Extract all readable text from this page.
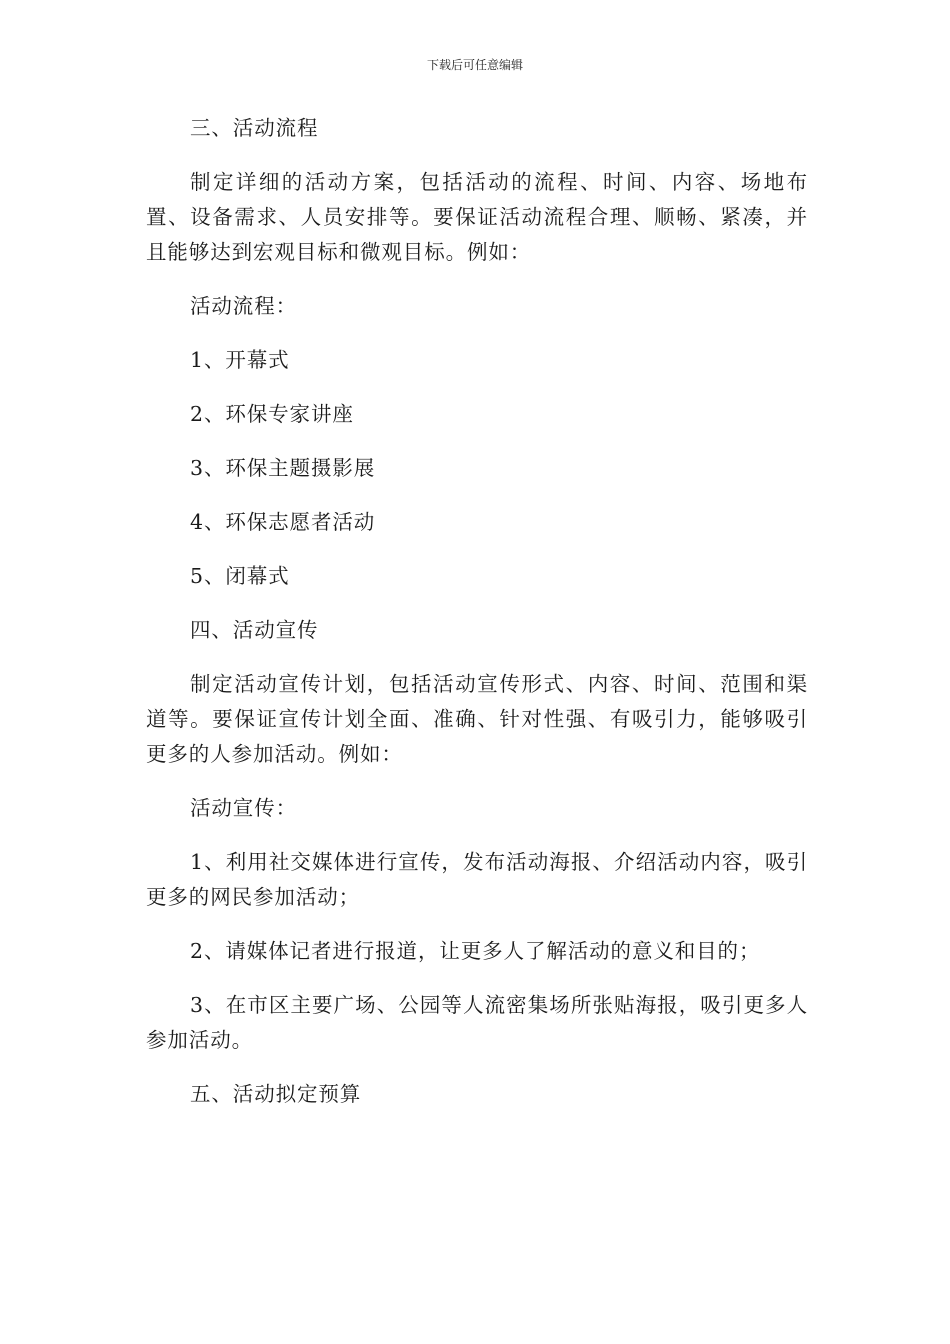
下载后可任意编辑

三、活动流程

制定详细的活动方案，包括活动的流程、时间、内容、场地布置、设备需求、人员安排等。要保证活动流程合理、顺畅、紧凑，并且能够达到宏观目标和微观目标。例如：

活动流程：

1、开幕式

2、环保专家讲座

3、环保主题摄影展

4、环保志愿者活动

5、闭幕式

四、活动宣传

制定活动宣传计划，包括活动宣传形式、内容、时间、范围和渠道等。要保证宣传计划全面、准确、针对性强、有吸引力，能够吸引更多的人参加活动。例如：

活动宣传：

1、利用社交媒体进行宣传，发布活动海报、介绍活动内容，吸引更多的网民参加活动；

2、请媒体记者进行报道，让更多人了解活动的意义和目的；

3、在市区主要广场、公园等人流密集场所张贴海报，吸引更多人参加活动。

五、活动拟定预算
